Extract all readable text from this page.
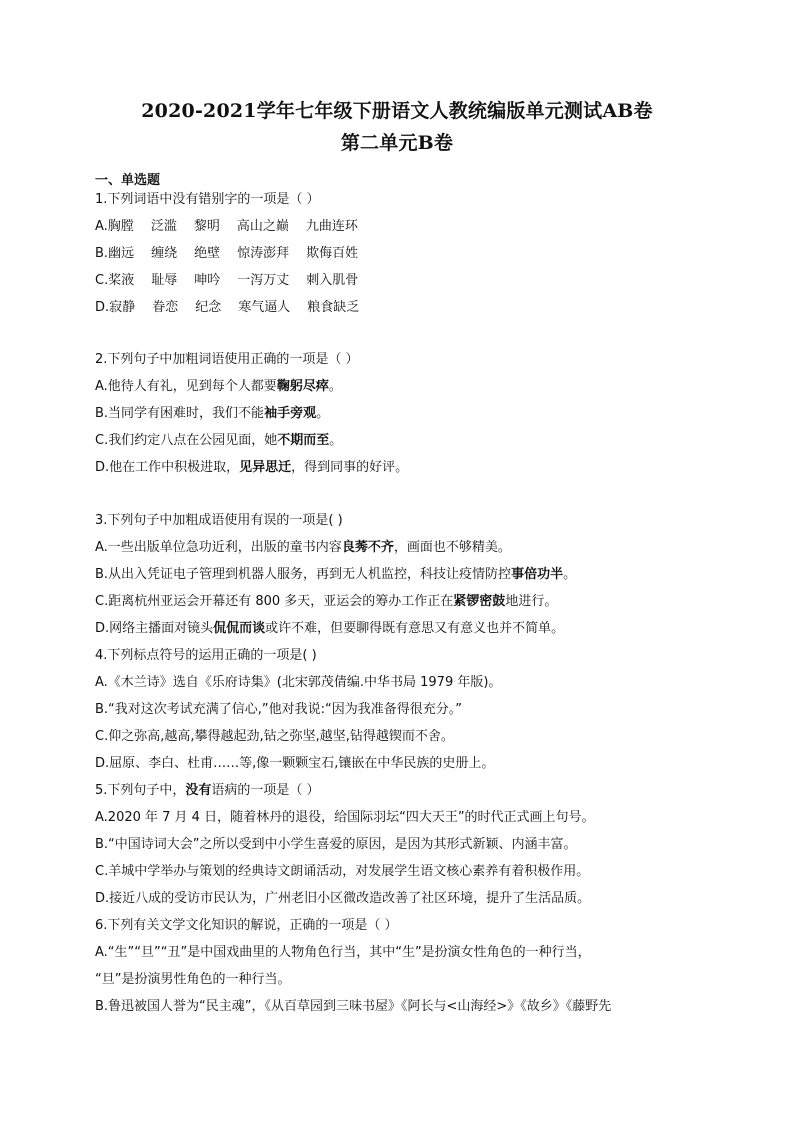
2020-2021学年七年级下册语文人教统编版单元测试AB卷
第二单元B卷
一、单选题
1.下列词语中没有错别字的一项是（ ）
A.胸膛 泛滥 黎明 高山之巅 九曲连环
B.幽远 缠绕 绝壁 惊涛澎拜 欺侮百姓
C.桨液 耻辱 呻吟 一泻万丈 刺入肌骨
D.寂静 眷恋 纪念 寒气逼人 粮食缺乏
2.下列句子中加粗词语使用正确的一项是（ ）
A.他待人有礼，见到每个人都要鞠躬尽瘁。
B.当同学有困难时，我们不能袖手旁观。
C.我们约定八点在公园见面，她不期而至。
D.他在工作中积极进取，见异思迁，得到同事的好评。
3.下列句子中加粗成语使用有误的一项是( )
A.一些出版单位急功近利，出版的童书内容良莠不齐，画面也不够精美。
B.从出入凭证电子管理到机器人服务，再到无人机监控，科技让疫情防控事倍功半。
C.距离杭州亚运会开幕还有 800 多天，亚运会的筹办工作正在紧锣密鼓地进行。
D.网络主播面对镜头侃侃而谈或许不难，但要聊得既有意思又有意义也并不简单。
4.下列标点符号的运用正确的一项是( )
A.《木兰诗》选自《乐府诗集》(北宋郭茂倩编.中华书局 1979 年版)。
B.“我对这次考试充满了信心,”他对我说:“因为我准备得很充分。”
C.仰之弥高,越高,攀得越起劲,钻之弥坚,越坚,钻得越锲而不舍。
D.屈原、李白、杜甫……等,像一颗颗宝石,镶嵌在中华民族的史册上。
5.下列句子中，没有语病的一项是（ ）
A.2020 年 7 月 4 日，随着林丹的退役，给国际羽坛“四大天王”的时代正式画上句号。
B.“中国诗词大会”之所以受到中小学生喜爱的原因，是因为其形式新颖、内涵丰富。
C.羊城中学举办与策划的经典诗文朗诵活动，对发展学生语文核心素养有着积极作用。
D.接近八成的受访市民认为，广州老旧小区微改造改善了社区环境，提升了生活品质。
6.下列有关文学文化知识的解说，正确的一项是（ ）
A.“生”“旦”“丑”是中国戏曲里的人物角色行当，其中“生”是扮演女性角色的一种行当，
“旦”是扮演男性角色的一种行当。
B.鲁迅被国人誉为“民主魂”，《从百草园到三味书屋》《阿长与<山海经>》《故乡》《藤野先
